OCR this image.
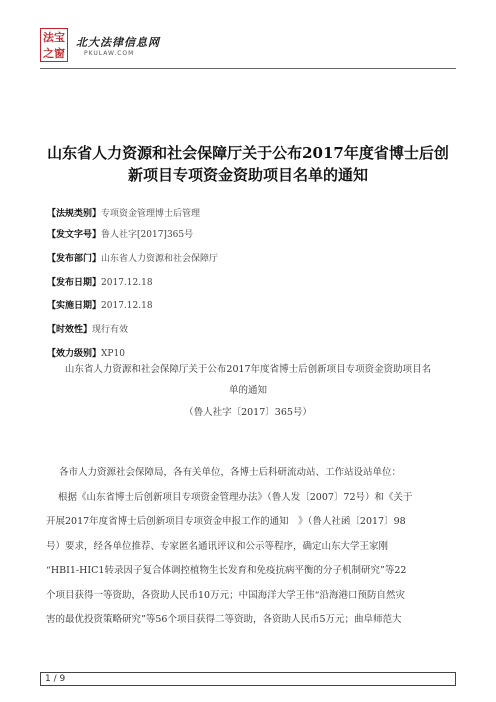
法宝
之窗
北大法律信息网
PKULAW.COM
山东省人力资源和社会保障厅关于公布2017年度省博士后创
新项目专项资金资助项目名单的通知
【法规类别】专项资金管理博士后管理
【发文字号】鲁人社字[2017]365号
【发布部门】山东省人力资源和社会保障厅
【发布日期】2017.12.18
【实施日期】2017.12.18
【时效性】现行有效
【效力级别】XP10
山东省人力资源和社会保障厅关于公布2017年度省博士后创新项目专项资金资助项目名
单的通知
（鲁人社字〔2017〕365号）
各市人力资源社会保障局，各有关单位，各博士后科研流动站、工作站设站单位：
根据《山东省博士后创新项目专项资金管理办法》（鲁人发〔2007〕72号）和《关于
开展2017年度省博士后创新项目专项资金申报工作的通知　》（鲁人社函〔2017〕98
号）要求，经各单位推荐、专家匿名通讯评议和公示等程序，确定山东大学王家刚
“HBI1-HIC1转录因子复合体调控植物生长发育和免疫抗病平衡的分子机制研究”等22
个项目获得一等资助，各资助人民币10万元；中国海洋大学王伟“沿海港口预防自然灾
害的最优投资策略研究”等56个项目获得二等资助，各资助人民币5万元；曲阜师范大
1 / 9
